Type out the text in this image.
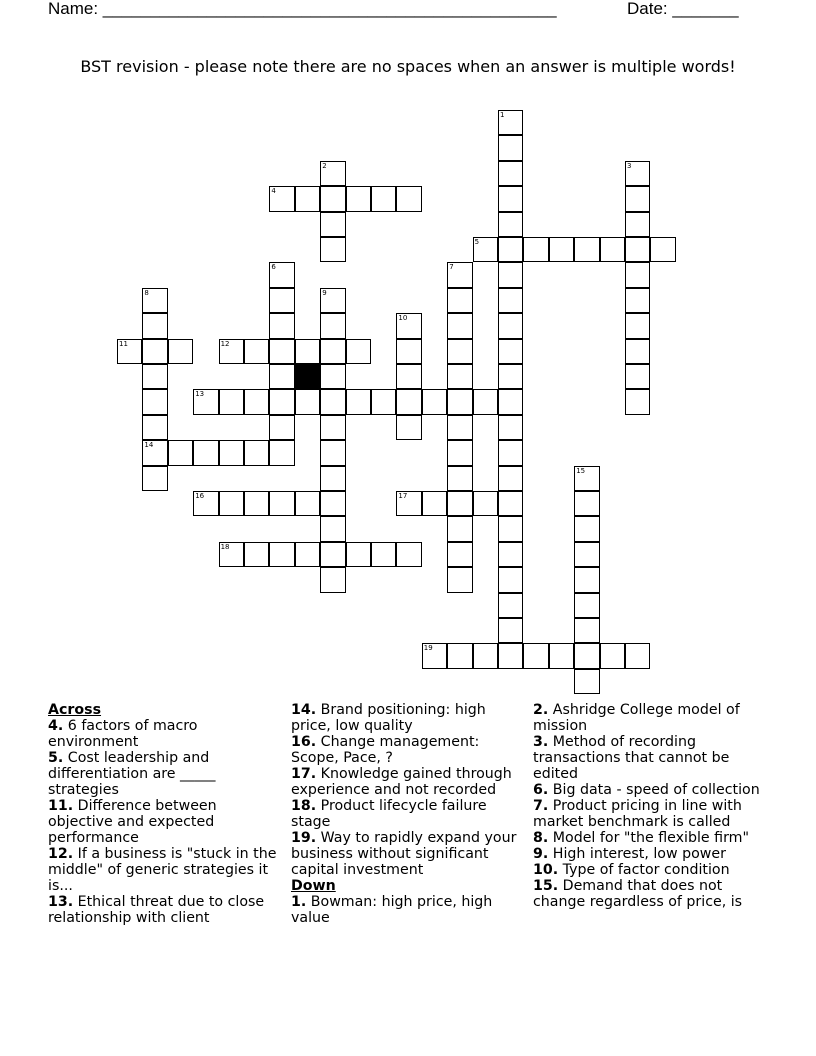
Name: ________________________________________________	Date: _______
BST revision - please note there are no spaces when an answer is multiple words!
1
2	3
4
5
6	7
8
14
9
10
11	12
13
15
16	17
18
19
Across
4. 6 factors of macro environment
5. Cost leadership and differentiation are _____ strategies
11. Difference between objective and expected performance
12. If a business is "stuck in the middle" of generic strategies it is...
13. Ethical threat due to close relationship with client
14. Brand positioning: high price, low quality
16. Change management: Scope, Pace, ?
17. Knowledge gained through experience and not recorded
18. Product lifecycle failure stage
19. Way to rapidly expand your business without significant capital investment
Down
1. Bowman: high price, high value
2. Ashridge College model of mission
3. Method of recording transactions that cannot be edited
6. Big data - speed of collection
7. Product pricing in line with market benchmark is called
8. Model for "the flexible firm"
9. High interest, low power
10. Type of factor condition
15. Demand that does not change regardless of price, is
